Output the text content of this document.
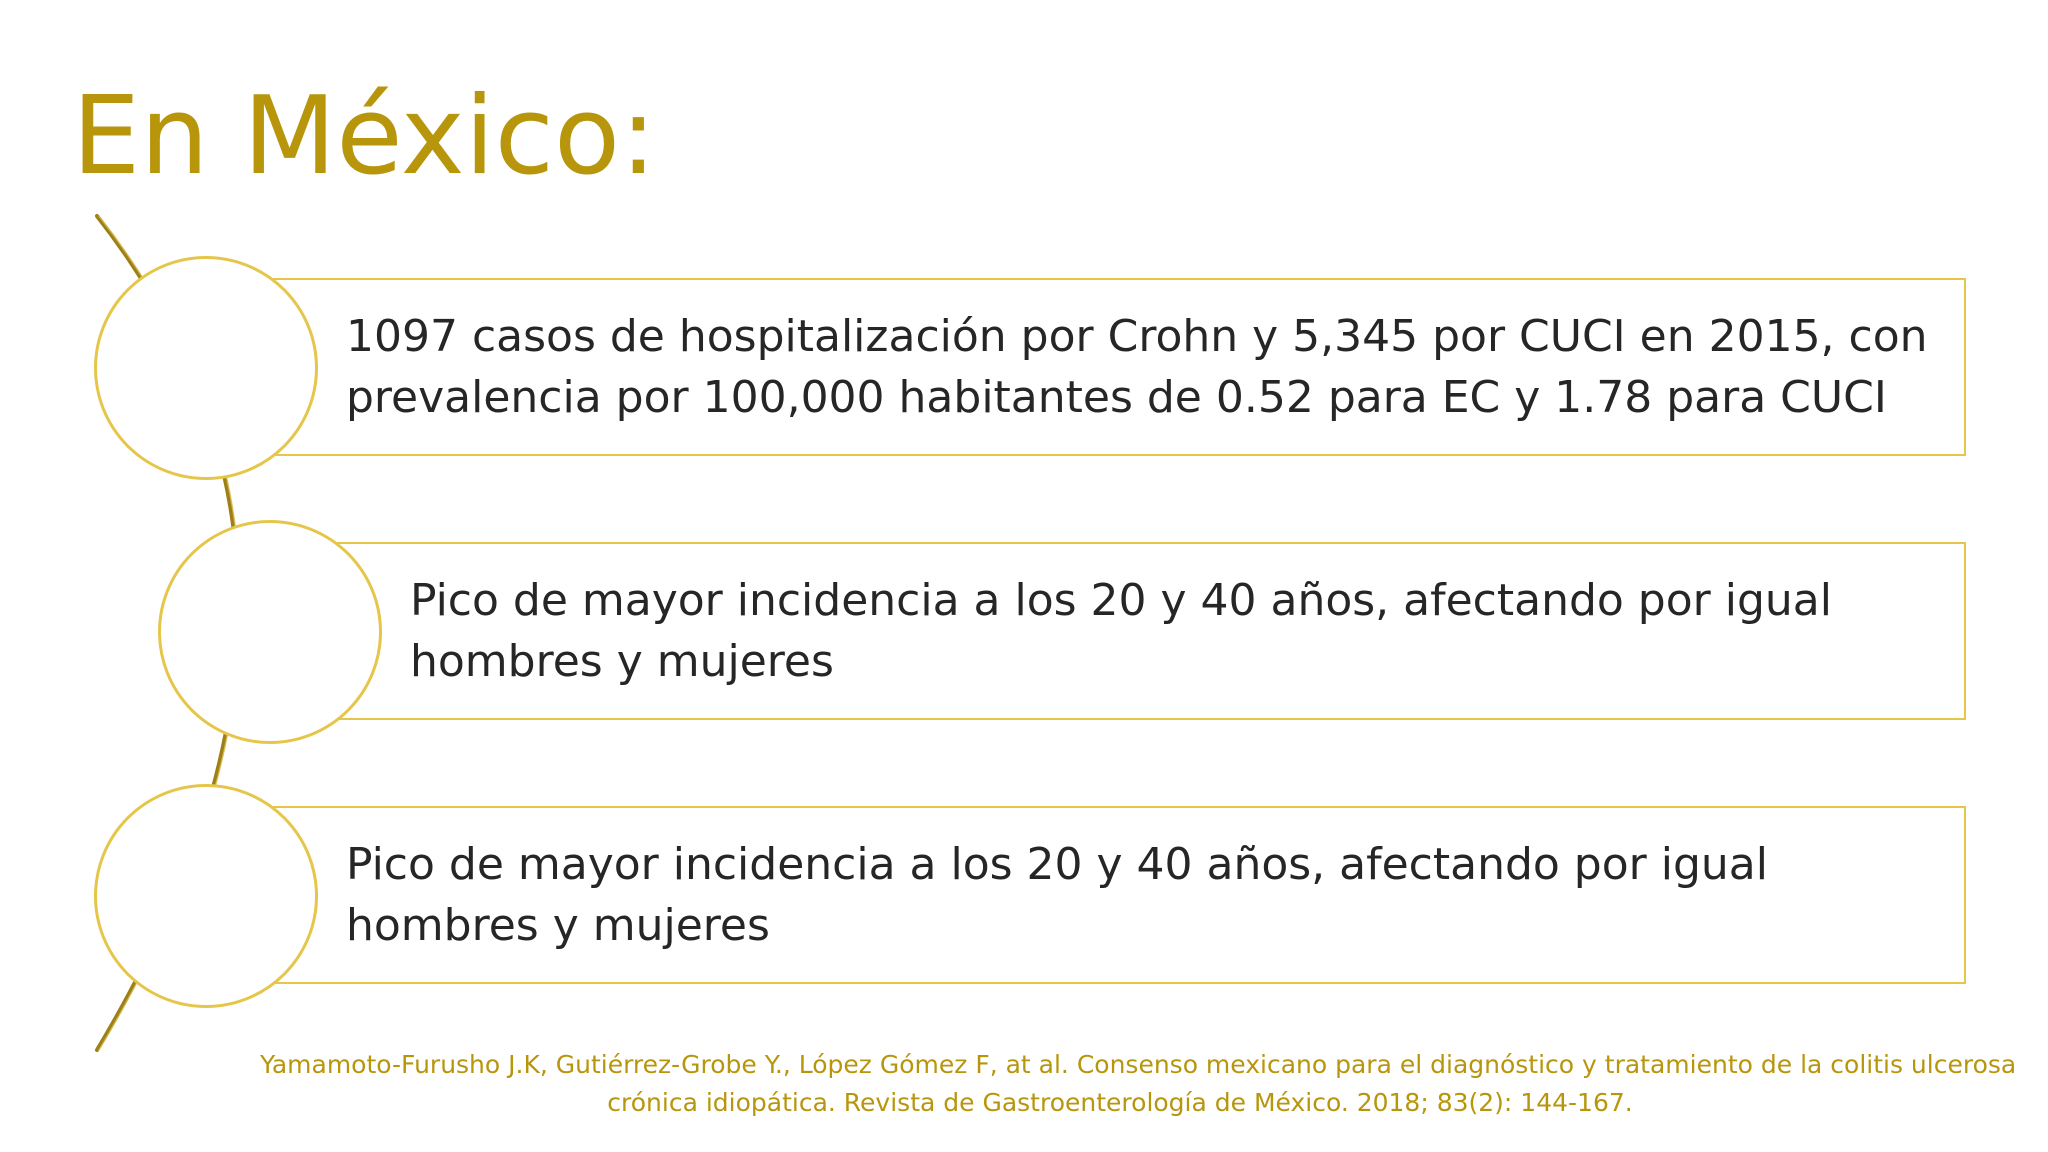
En México:

1097 casos de hospitalización por Crohn y 5,345 por CUCI en 2015, con prevalencia por 100,000 habitantes de 0.52 para EC y 1.78 para CUCI

Pico de mayor incidencia a los 20 y 40 años, afectando por igual hombres y mujeres

Pico de mayor incidencia a los 20 y 40 años, afectando por igual hombres y mujeres

Yamamoto-Furusho J.K, Gutiérrez-Grobe Y., López Gómez F, at al. Consenso mexicano para el diagnóstico y tratamiento de la colitis ulcerosa
crónica idiopática. Revista de Gastroenterología de México. 2018; 83(2): 144-167.
